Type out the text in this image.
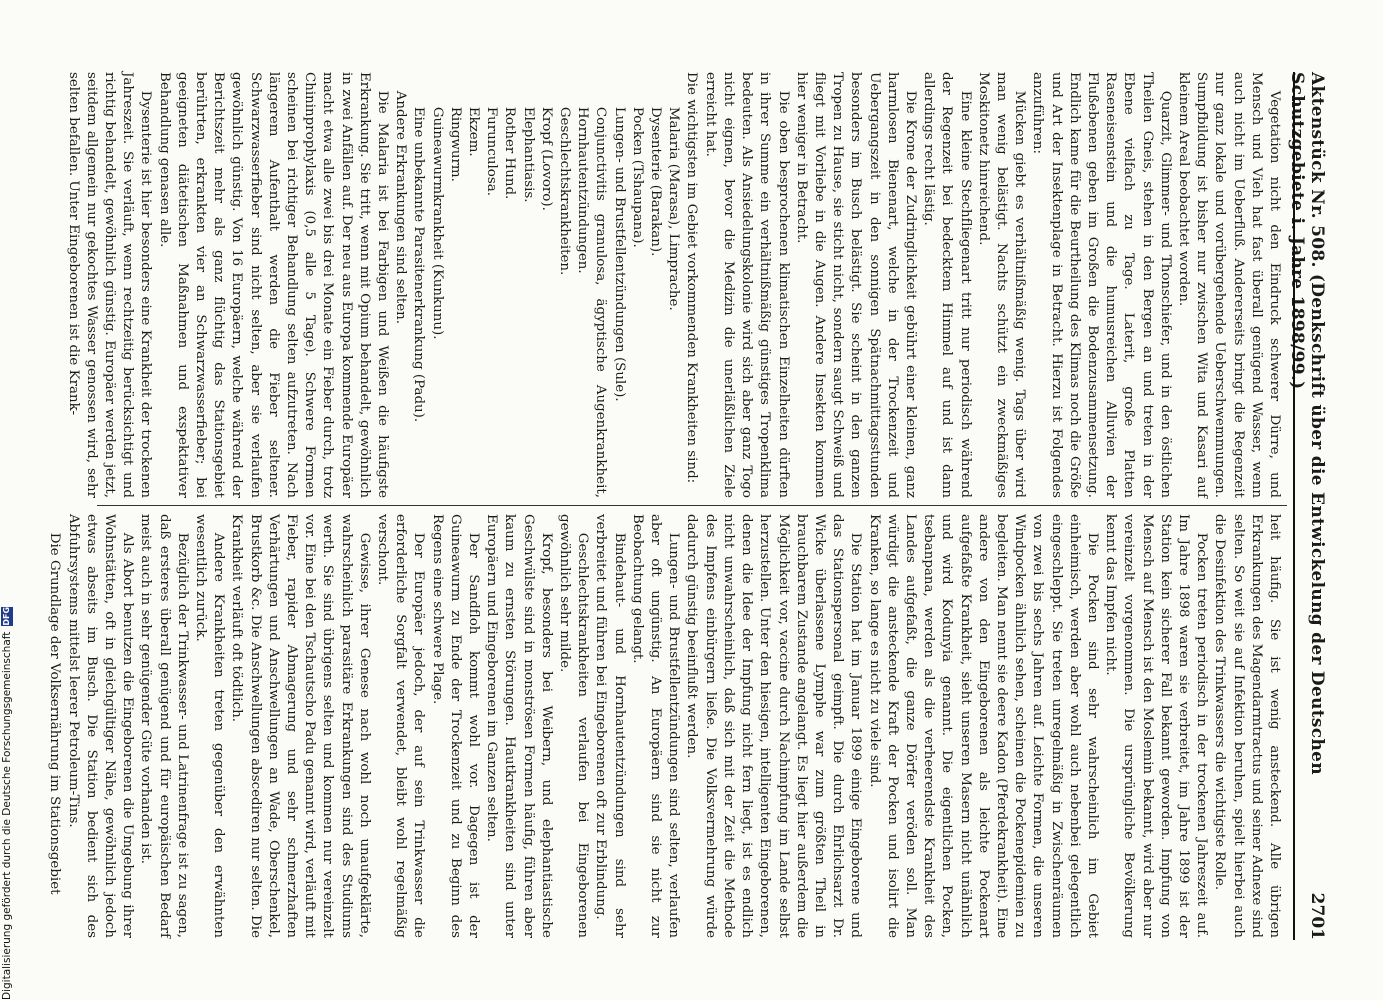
Aktenstück Nr. 508. (Denkschrift über die Entwickelung der Deutschen Schutzgebiete i. Jahre 1898/99.)
2701

Vegetation nicht den Eindruck schwerer Dürre, und Mensch und Vieh hat fast überall genügend Wasser, wenn auch nicht im Ueberfluß. Andererseits bringt die Regenzeit nur ganz lokale und vorübergehende Ueberschwemmungen. Sumpfbildung ist bisher nur zwischen Wita und Kasari auf kleinem Areal beobachtet worden.

Quarzit, Glimmer- und Thonschiefer, und in den östlichen Theilen Gneis, stehen in den Bergen an und treten in der Ebene vielfach zu Tage. Laterit, große Platten Raseneisenstein und die humusreichen Alluvien der Flußebenen geben im Großen die Bodenzusammensetzung. Endlich kame für die Beurtheilung des Klimas noch die Größe und Art der Insektenplage in Betracht. Hierzu ist Folgendes anzuführen:

Mücken giebt es verhältnißmäßig wenig. Tags über wird man wenig belästigt. Nachts schützt ein zweckmäßiges Moskitonetz hinreichend.

Eine kleine Stechfliegenart tritt nur periodisch während der Regenzeit bei bedecktem Himmel auf und ist dann allerdings recht lästig.

Die Krone der Zudringlichkeit gebührt einer kleinen, ganz harmlosen Bienenart, welche in der Trockenzeit und Uebergangszeit in den sonnigen Spätnachmittagsstunden besonders im Busch belästigt. Sie scheint in den ganzen Tropen zu Hause, sie sticht nicht, sondern saugt Schweiß und fliegt mit Vorliebe in die Augen. Andere Insekten kommen hier weniger in Betracht.

Die oben besprochenen klimatischen Einzelheiten dürften in ihrer Summe ein verhältnißmäßig günstiges Tropenklima bedeuten. Als Ansiedelungskolonie wird sich aber ganz Togo nicht eignen, bevor die Medizin die unerläßlichen Ziele erreicht hat.

Die wichtigsten im Gebiet vorkommenden Krankheiten sind:

Malaria (Marasa), Limprache.

Dysenterie (Barakan).

Pocken (Tshaupana).

Lungen- und Brustfellentzündungen (Sule).

Conjunctivitis granulosa, ägyptische Augenkrankheit, Hornhautentzündungen.

Geschlechtskrankheiten.

Kropf (Lovoro).

Elephantiasis.

Rother Hund.

Furunculosa.

Ekzem.

Ringwurm.

Guineawurmkrankheit (Kunkunu).

Eine unbekannte Parasitenerkrankung (Padu).

Andere Erkrankungen sind selten.

Die Malaria ist bei Farbigen und Weißen die häufigste Erkrankung. Sie tritt, wenn mit Opium behandelt, gewöhnlich in zwei Anfällen auf. Der neu aus Europa kommende Europäer macht etwa alle zwei bis drei Monate ein Fieber durch, trotz Chininprophylaxis (0,5 alle 5 Tage). Schwere Formen scheinen bei richtiger Behandlung selten aufzutreten. Nach längerem Aufenthalt werden die Fieber seltener. Schwarzwasserfieber sind nicht selten, aber sie verlaufen gewöhnlich günstig. Von 16 Europäern, welche während der Berichtszeit mehr als ganz flüchtig das Stationsgebiet berührten, erkrankten vier an Schwarzwasserfieber; bei geeigneten diätetischen Maßnahmen und exspektativer Behandlung genasen alle.

Dysenterie ist hier besonders eine Krankheit der trockenen Jahreszeit. Sie verläuft, wenn rechtzeitig berücksichtigt und richtig behandelt, gewöhnlich günstig. Europäer werden jetzt, seitdem allgemein nur gekochtes Wasser genossen wird, sehr selten befallen. Unter Eingeborenen ist die Krank-

heit häufig. Sie ist wenig ansteckend. Alle übrigen Erkrankungen des Magendarmtractus und seiner Adnexe sind selten. So weit sie auf Infektion beruhen, spielt hierbei auch die Desinfektion des Trinkwassers die wichtigste Rolle.

Pocken treten periodisch in der trockenen Jahreszeit auf. Im Jahre 1898 waren sie verbreitet, im Jahre 1899 ist der Station kein sicherer Fall bekannt geworden. Impfung von Mensch auf Mensch ist den Moslemin bekannt, wird aber nur vereinzelt vorgenommen. Die ursprüngliche Bevölkerung kennt das Impfen nicht.

Die Pocken sind sehr wahrscheinlich im Gebiet einheimisch, werden aber wohl auch nebenbei gelegentlich eingeschleppt. Sie treten unregelmäßig in Zwischenräumen von zwei bis sechs Jahren auf. Leichte Formen, die unseren Windpocken ähnlich sehen, scheinen die Pockenepidemien zu begleiten. Man nennt sie deere Kadon (Pferdekrankheit). Eine andere von den Eingeborenen als leichte Pockenart aufgefaßte Krankheit, sieht unseren Masern nicht unähnlich und wird Kodunyia genannt. Die eigentlichen Pocken, tsebanpana, werden als die verheerendste Krankheit des Landes aufgefaßt, die ganze Dörfer veröden soll. Man würdigt die ansteckende Kraft der Pocken und isolirt die Kranken, so lange es nicht zu viele sind.

Die Station hat im Januar 1899 einige Eingeborene und das Stationspersonal geimpft. Die durch Ehrlichsarzt Dr. Wicke überlassene Lymphe war zum größten Theil in brauchbarem Zustande angelangt. Es liegt hier außerdem die Möglichkeit vor, vaccine durch Nachimpfung im Lande selbst herzustellen. Unter den hiesigen, intelligenten Eingeborenen, denen die Idee der Impfung nicht fern liegt, ist es endlich nicht unwahrscheinlich, daß sich mit der Zeit die Methode des Impfens einbürgern ließe. Die Volksvermehrung würde dadurch günstig beeinflußt werden.

Lungen- und Brustfellentzündungen sind selten, verlaufen aber oft ungünstig. An Europäern sind sie nicht zur Beobachtung gelangt.

Bindehaut- und Hornhautentzündungen sind sehr verbreitet und führen bei Eingeborenen oft zur Erblindung.

Geschlechtskrankheiten verlaufen bei Eingeborenen gewöhnlich sehr milde.

Kropf, besonders bei Weibern, und elephantiastische Geschwülste sind in monströsen Formen häufig, führen aber kaum zu ernsten Störungen. Hautkrankheiten sind unter Europäern und Eingeborenen im Ganzen selten.

Der Sandfloh kommt wohl vor. Dagegen ist der Guineawurm zu Ende der Trockenzeit und zu Beginn des Regens eine schwere Plage.

Der Europäer jedoch, der auf sein Trinkwasser die erforderliche Sorgfalt verwendet, bleibt wohl regelmäßig verschont.

Gewisse, ihrer Genese nach wohl noch unaufgeklärte, wahrscheinlich parasitäre Erkrankungen sind des Studiums werth. Sie sind übrigens selten und kommen nur vereinzelt vor. Eine bei den Tschautscho Padu genannt wird, verläuft mit Fieber, rapider Abmagerung und sehr schmerzhaften Verhärtungen und Anschwellungen an Wade, Oberschenkel, Brustkorb &c. Die Anschwellungen abscediren nur selten. Die Krankheit verläuft oft tödtlich.

Andere Krankheiten treten gegenüber den erwähnten wesentlich zurück.

Bezüglich der Trinkwasser- und Latrinenfrage ist zu sagen, daß ersteres überall genügend und für europäischen Bedarf meist auch in sehr genügender Güte vorhanden ist.

Als Abort benutzen die Eingeborenen die Umgebung ihrer Wohnstätten, oft in gleichgültiger Nähe, gewöhnlich jedoch etwas abseits im Busch. Die Station bedient sich des Abfuhrsystems mittelst leerer Petroleum-Tins.

Die Grundlage der Volksernährung im Stationsgebiet

Digitalisierung gefördert durch die Deutsche Forschungsgemeinschaft
DFG
